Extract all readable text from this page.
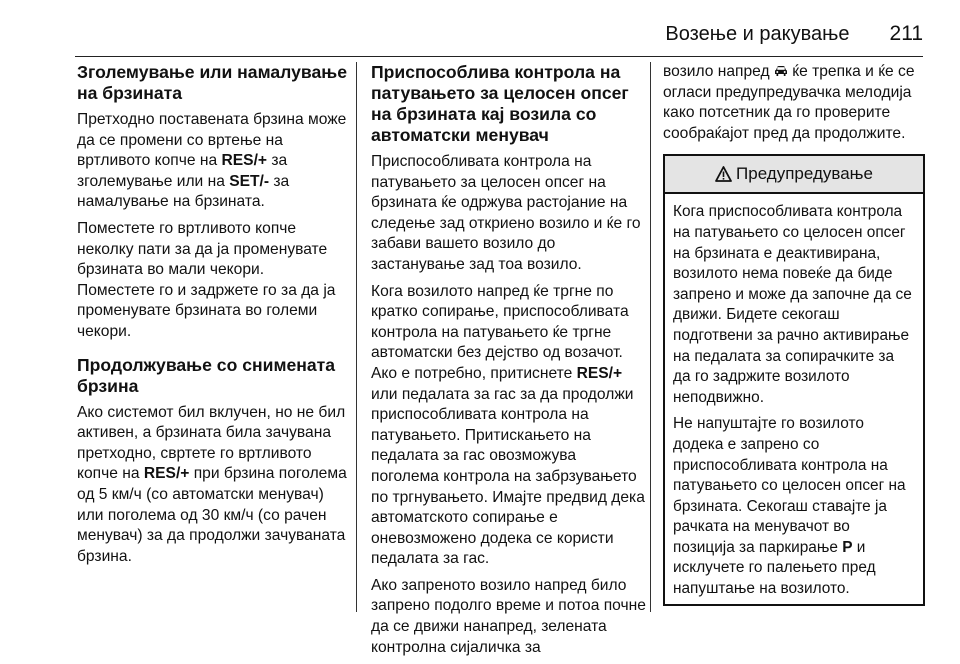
Возење и ракување 211
Зголемување или намалување на брзината

Претходно поставената брзина може да се промени со вртење на вртливото копче на RES/+ за зголемување или на SET/- за намалување на брзината.

Поместете го вртливото копче неколку пати за да ја променувате брзината во мали чекори.

Поместете го и задржете го за да ја променувате брзината во големи чекори.

Продолжување со снимената брзина

Ако системот бил вклучен, но не бил активен, а брзината била зачувана претходно, свртете го вртливото копче на RES/+ при брзина поголема од 5 км/ч (со автоматски менувач) или поголема од 30 км/ч (со рачен менувач) за да продолжи зачуваната брзина.

Приспособлива контрола на патувањето за целосен опсег на брзината кај возила со автоматски менувач

Приспособливата контрола на патувањето за целосен опсег на брзината ќе одржува растојание на следење зад откриено возило и ќе го забави вашето возило до застанување зад тоа возило.

Кога возилото напред ќе тргне по кратко сопирање, приспособливата контрола на патувањето ќе тргне автоматски без дејство од возачот. Ако е потребно, притиснете RES/+ или педалата за гас за да продолжи приспособливата контрола на патувањето. Притискањето на педалата за гас овозможува поголема контрола на забрзувањето по тргнувањето. Имајте предвид дека автоматското сопирање е оневозможено додека се користи педалата за гас.

Ако запреното возило напред било запрено подолго време и потоа почне да се движи нанапред, зелената контролна сијаличка за

возило напред  ќе трепка и ќе се огласи предупредувачка мелодија како потсетник да го проверите сообраќајот пред да продолжите.

Предупредување

Кога приспособливата контрола на патувањето со целосен опсег на брзината е деактивирана, возилото нема повеќе да биде запрено и може да започне да се движи. Бидете секогаш подготвени за рачно активирање на педалата за сопирачките за да го задржите возилото неподвижно.

Не напуштајте го возилото додека е запрено со приспособливата контрола на патувањето со целосен опсег на брзината. Секогаш ставајте ја рачката на менувачот во позиција за паркирање P и исклучете го палењето пред напуштање на возилото.
